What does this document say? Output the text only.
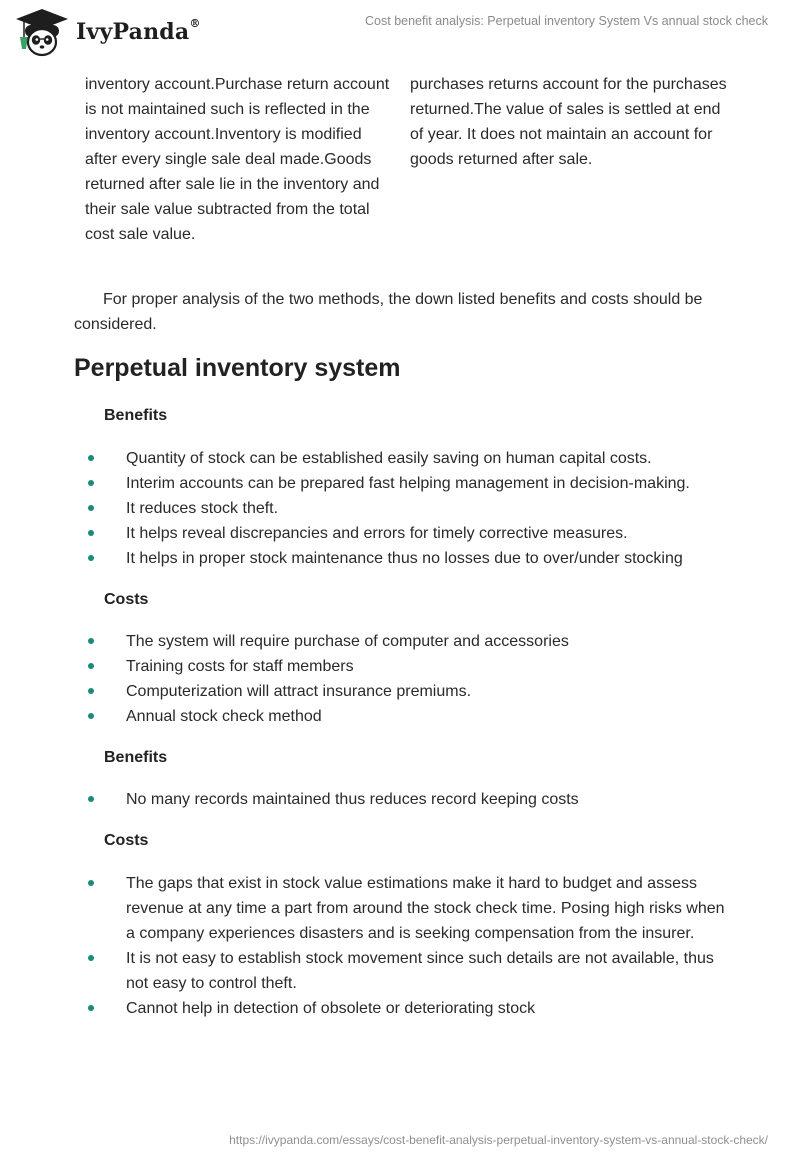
IvyPanda®	Cost benefit analysis: Perpetual inventory System Vs annual stock check
inventory account.Purchase return account is not maintained such is reflected in the inventory account.Inventory is modified after every single sale deal made.Goods returned after sale lie in the inventory and their sale value subtracted from the total cost sale value.
purchases returns account for the purchases returned.The value of sales is settled at end of year. It does not maintain an account for goods returned after sale.

For proper analysis of the two methods, the down listed benefits and costs should be considered.

Perpetual inventory system
Benefits
Quantity of stock can be established easily saving on human capital costs.
Interim accounts can be prepared fast helping management in decision-making.
It reduces stock theft.
It helps reveal discrepancies and errors for timely corrective measures.
It helps in proper stock maintenance thus no losses due to over/under stocking
Costs
The system will require purchase of computer and accessories
Training costs for staff members
Computerization will attract insurance premiums.
Annual stock check method
Benefits
No many records maintained thus reduces record keeping costs
Costs
The gaps that exist in stock value estimations make it hard to budget and assess revenue at any time a part from around the stock check time. Posing high risks when a company experiences disasters and is seeking compensation from the insurer.
It is not easy to establish stock movement since such details are not available, thus not easy to control theft.
Cannot help in detection of obsolete or deteriorating stock
https://ivypanda.com/essays/cost-benefit-analysis-perpetual-inventory-system-vs-annual-stock-check/
